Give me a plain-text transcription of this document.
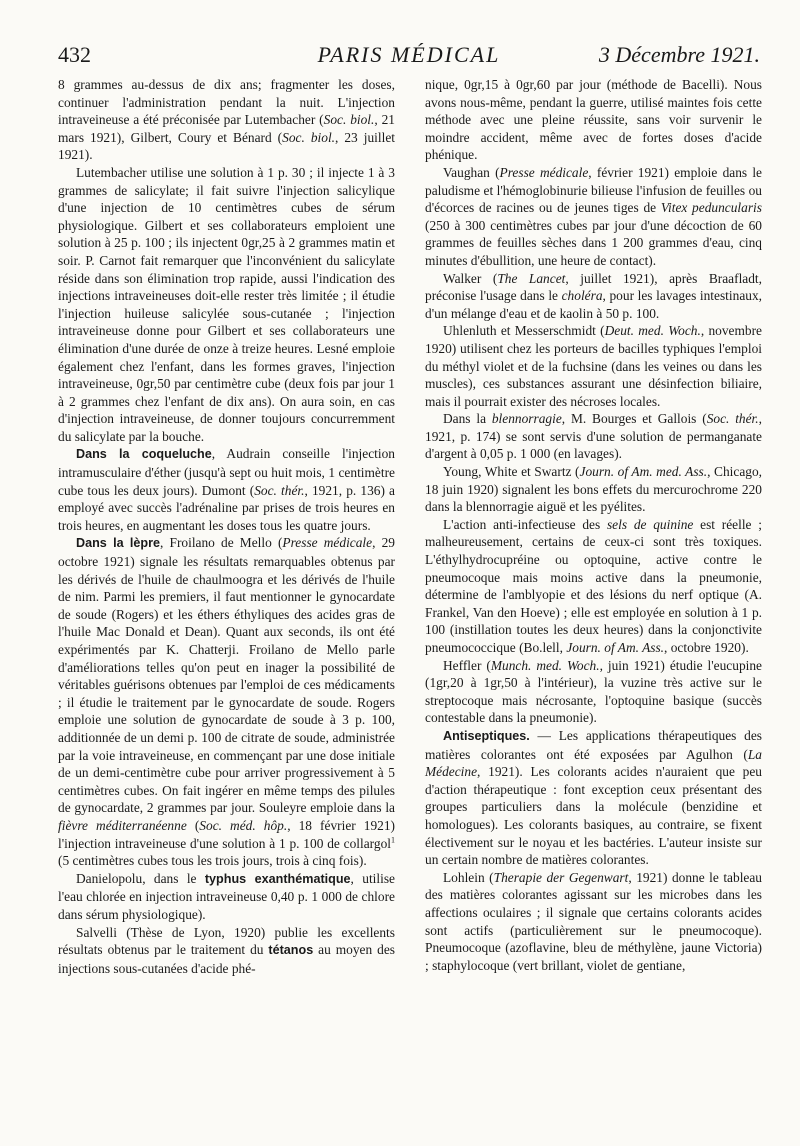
432	PARIS MÉDICAL	3 Décembre 1921.

8 grammes au-dessus de dix ans; fragmenter les doses, continuer l'administration pendant la nuit. L'injection intraveineuse a été préconisée par Lutembacher (Soc. biol., 21 mars 1921), Gilbert, Coury et Bénard (Soc. biol., 23 juillet 1921).

Lutembacher utilise une solution à 1 p. 30 ; il injecte 1 à 3 grammes de salicylate; il fait suivre l'injection salicylique d'une injection de 10 centimètres cubes de sérum physiologique. Gilbert et ses collaborateurs emploient une solution à 25 p. 100 ; ils injectent 0gr,25 à 2 grammes matin et soir. P. Carnot fait remarquer que l'inconvénient du salicylate réside dans son élimination trop rapide, aussi l'indication des injections intraveineuses doit-elle rester très limitée ; il étudie l'injection huileuse salicylée sous-cutanée ; l'injection intraveineuse donne pour Gilbert et ses collaborateurs une élimination d'une durée de onze à treize heures. Lesné emploie également chez l'enfant, dans les formes graves, l'injection intraveineuse, 0gr,50 par centimètre cube (deux fois par jour 1 à 2 grammes chez l'enfant de dix ans). On aura soin, en cas d'injection intraveineuse, de donner toujours concurremment du salicylate par la bouche.

Dans la coqueluche, Audrain conseille l'injection intramusculaire d'éther (jusqu'à sept ou huit mois, 1 centimètre cube tous les deux jours). Dumont (Soc. thér., 1921, p. 136) a employé avec succès l'adrénaline par prises de trois heures en trois heures, en augmentant les doses tous les quatre jours.

Dans la lèpre, Froilano de Mello (Presse médicale, 29 octobre 1921) signale les résultats remarquables obtenus par les dérivés de l'huile de chaulmoogra et les dérivés de l'huile de nim. Parmi les premiers, il faut mentionner le gynocardate de soude (Rogers) et les éthers éthyliques des acides gras de l'huile Mac Donald et Dean). Quant aux seconds, ils ont été expérimentés par K. Chatterji. Froilano de Mello parle d'améliorations telles qu'on peut en inager la possibilité de véritables guérisons obtenues par l'emploi de ces médicaments ; il étudie le traitement par le gynocardate de soude. Rogers emploie une solution de gynocardate de soude à 3 p. 100, additionnée de un demi p. 100 de citrate de soude, administrée par la voie intraveineuse, en commençant par une dose initiale de un demi-centimètre cube pour arriver progressivement à 5 centimètres cubes. On fait ingérer en même temps des pilules de gynocardate, 2 grammes par jour. Souleyre emploie dans la fièvre méditerranéenne (Soc. méd. hôp., 18 février 1921) l'injection intraveineuse d'une solution à 1 p. 100 de collargol$^1$ (5 centimètres cubes tous les trois jours, trois à cinq fois).

Danielopolu, dans le typhus exanthématique, utilise l'eau chlorée en injection intraveineuse 0,40 p. 1 000 de chlore dans sérum physiologique).

Salvelli (Thèse de Lyon, 1920) publie les excellents résultats obtenus par le traitement du tétanos au moyen des injections sous-cutanées d'acide phé-

nique, 0gr,15 à 0gr,60 par jour (méthode de Bacelli). Nous avons nous-même, pendant la guerre, utilisé maintes fois cette méthode avec une pleine réussite, sans voir survenir le moindre accident, même avec de fortes doses d'acide phénique.

Vaughan (Presse médicale, février 1921) emploie dans le paludisme et l'hémoglobinurie bilieuse l'infusion de feuilles ou d'écorces de racines ou de jeunes tiges de Vitex peduncularis (250 à 300 centimètres cubes par jour d'une décoction de 60 grammes de feuilles sèches dans 1 200 grammes d'eau, cinq minutes d'ébullition, une heure de contact).

Walker (The Lancet, juillet 1921), après Braafladt, préconise l'usage dans le choléra, pour les lavages intestinaux, d'un mélange d'eau et de kaolin à 50 p. 100.

Uhlenluth et Messerschmidt (Deut. med. Woch., novembre 1920) utilisent chez les porteurs de bacilles typhiques l'emploi du méthyl violet et de la fuchsine (dans les veines ou dans les muscles), ces substances assurant une désinfection biliaire, mais il pourrait exister des nécroses locales.

Dans la blennorragie, M. Bourges et Gallois (Soc. thér., 1921, p. 174) se sont servis d'une solution de permanganate d'argent à 0,05 p. 1 000 (en lavages).

Young, White et Swartz (Journ. of Am. med. Ass., Chicago, 18 juin 1920) signalent les bons effets du mercurochrome 220 dans la blennorragie aiguë et les pyélites.

L'action anti-infectieuse des sels de quinine est réelle ; malheureusement, certains de ceux-ci sont très toxiques. L'éthylhydrocupréine ou optoquine, active contre le pneumocoque mais moins active dans la pneumonie, détermine de l'amblyopie et des lésions du nerf optique (A. Frankel, Van den Hoeve) ; elle est employée en solution à 1 p. 100 (instillation toutes les deux heures) dans la conjonctivite pneumococcique (Bo.lell, Journ. of Am. Ass., octobre 1920).

Heffler (Munch. med. Woch., juin 1921) étudie l'eucupine (1gr,20 à 1gr,50 à l'intérieur), la vuzine très active sur le streptocoque mais nécrosante, l'optoquine basique (succès contestable dans la pneumonie).

Antiseptiques. — Les applications thérapeutiques des matières colorantes ont été exposées par Agulhon (La Médecine, 1921). Les colorants acides n'auraient que peu d'action thérapeutique : font exception ceux présentant des groupes particuliers dans la molécule (benzidine et homologues). Les colorants basiques, au contraire, se fixent électivement sur le noyau et les bactéries. L'auteur insiste sur un certain nombre de matières colorantes.

Lohlein (Therapie der Gegenwart, 1921) donne le tableau des matières colorantes agissant sur les microbes dans les affections oculaires ; il signale que certains colorants acides sont actifs (particulièrement sur le pneumocoque). Pneumocoque (azoflavine, bleu de méthylène, jaune Victoria) ; staphylocoque (vert brillant, violet de gentiane,
